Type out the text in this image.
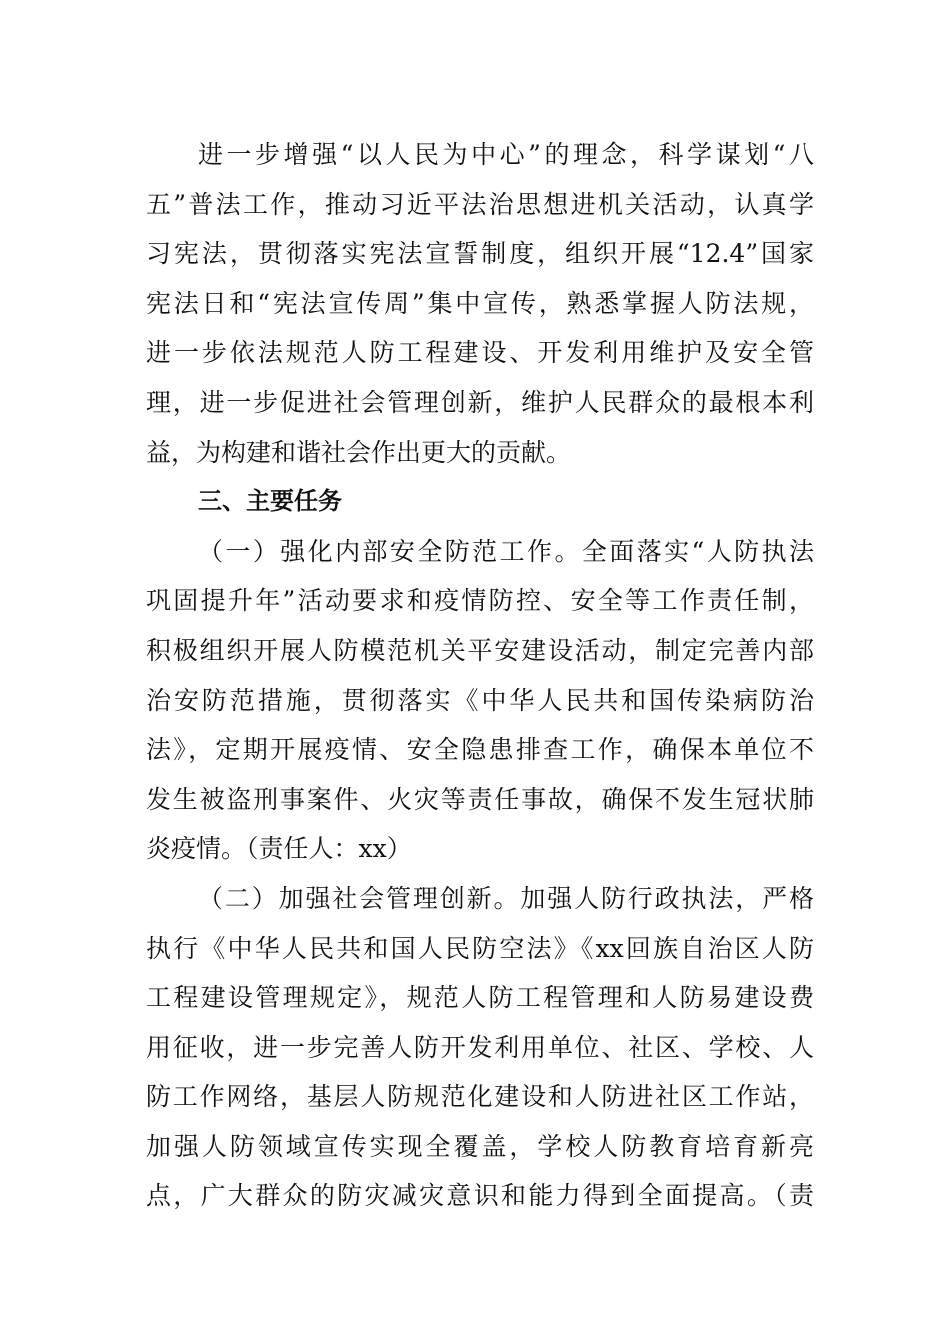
进一步增强“以人民为中心”的理念，科学谋划“八
五”普法工作，推动习近平法治思想进机关活动，认真学
习宪法，贯彻落实宪法宣誓制度，组织开展“12.4”国家
宪法日和“宪法宣传周”集中宣传，熟悉掌握人防法规，
进一步依法规范人防工程建设、开发利用维护及安全管
理，进一步促进社会管理创新，维护人民群众的最根本利
益，为构建和谐社会作出更大的贡献。
三、主要任务
（一）强化内部安全防范工作。全面落实“人防执法
巩固提升年”活动要求和疫情防控、安全等工作责任制，
积极组织开展人防模范机关平安建设活动，制定完善内部
治安防范措施，贯彻落实《中华人民共和国传染病防治
法》，定期开展疫情、安全隐患排查工作，确保本单位不
发生被盗刑事案件、火灾等责任事故，确保不发生冠状肺
炎疫情。（责任人：xx）
（二）加强社会管理创新。加强人防行政执法，严格
执行《中华人民共和国人民防空法》《xx回族自治区人防
工程建设管理规定》，规范人防工程管理和人防易建设费
用征收，进一步完善人防开发利用单位、社区、学校、人
防工作网络，基层人防规范化建设和人防进社区工作站，
加强人防领域宣传实现全覆盖，学校人防教育培育新亮
点，广大群众的防灾减灾意识和能力得到全面提高。（责
